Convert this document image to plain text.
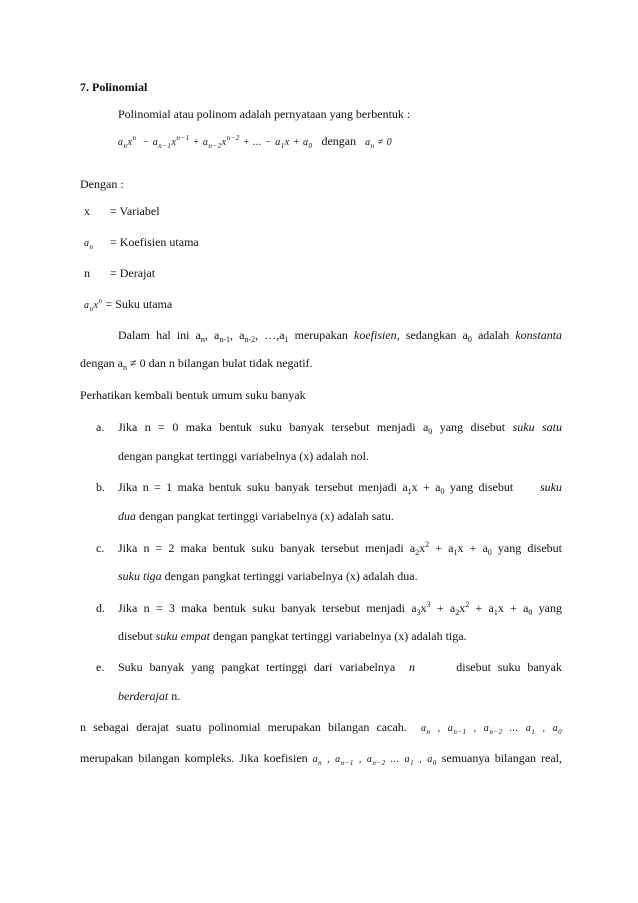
7. Polinomial
Polinomial atau polinom adalah pernyataan yang berbentuk :
$a_nx^n - a_{n-1}x^{n-1} + a_{n-2}x^{n-2}$ + ... − $a_1x + a_0$ dengan $a_n \ne 0$
Dengan :
x = Variabel
$a_n$ = Koefisien utama
n = Derajat
$a_nx^n$ = Suku utama
Dalam hal ini $a_n$, $a_{n-1}$, $a_{n-2}$, $\dots,a_1$ merupakan koefisien, sedangkan $a_0$ adalah konstanta
dengan $a_n \ne 0$ dan n bilangan bulat tidak negatif.
Perhatikan kembali bentuk umum suku banyak
a. Jika n = 0 maka bentuk suku banyak tersebut menjadi $a_0$ yang disebut suku satu
dengan pangkat tertinggi variabelnya (x) adalah nol.
b. Jika n = 1 maka bentuk suku banyak tersebut menjadi $a_1x + a_0$ yang disebut suku
dua dengan pangkat tertinggi variabelnya (x) adalah satu.
c. Jika n = 2 maka bentuk suku banyak tersebut menjadi $a_2x^2 + a_1x + a_0$ yang disebut
suku tiga dengan pangkat tertinggi variabelnya (x) adalah dua.
d. Jika n = 3 maka bentuk suku banyak tersebut menjadi $a_3x^3 + a_2x^2 + a_1x + a_0$ yang
disebut suku empat dengan pangkat tertinggi variabelnya (x) adalah tiga.
e. Suku banyak yang pangkat tertinggi dari variabelnya n	disebut suku banyak
berderajat n.
n sebagai derajat suatu polinomial merupakan bilangan cacah. $a_n$ , $a_{n-1}$ , $a_{n-2}$ ... $a_1$ , $a_0$
merupakan bilangan kompleks. Jika koefisien $a_n$ , $a_{n-1}$ , $a_{n-2}$ ... $a_1$ , $a_0$ semuanya bilangan real,
